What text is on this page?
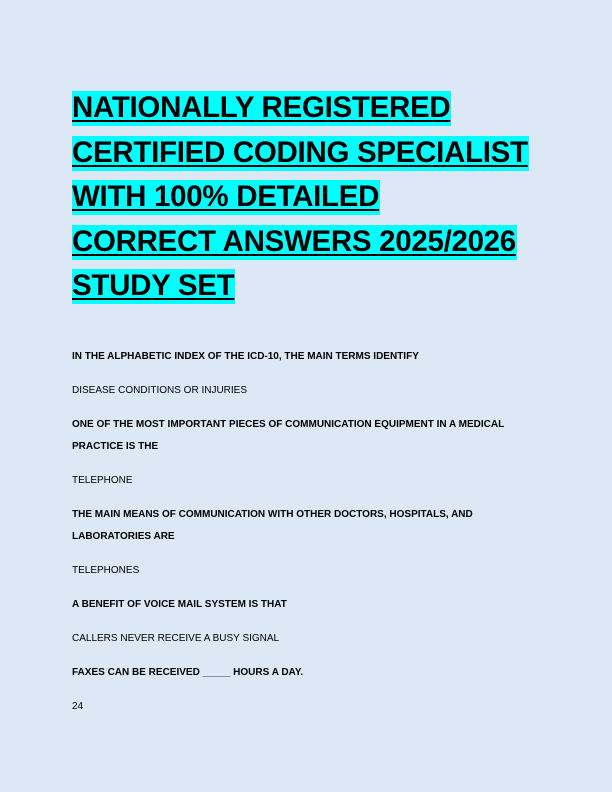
NATIONALLY REGISTERED
CERTIFIED CODING SPECIALIST
WITH 100% DETAILED
CORRECT ANSWERS 2025/2026
STUDY SET

IN THE ALPHABETIC INDEX OF THE ICD-10, THE MAIN TERMS IDENTIFY

DISEASE CONDITIONS OR INJURIES

ONE OF THE MOST IMPORTANT PIECES OF COMMUNICATION EQUIPMENT IN A MEDICAL PRACTICE IS THE

TELEPHONE

THE MAIN MEANS OF COMMUNICATION WITH OTHER DOCTORS, HOSPITALS, AND LABORATORIES ARE

TELEPHONES

A BENEFIT OF VOICE MAIL SYSTEM IS THAT

CALLERS NEVER RECEIVE A BUSY SIGNAL

FAXES CAN BE RECEIVED _____ HOURS A DAY.

24
